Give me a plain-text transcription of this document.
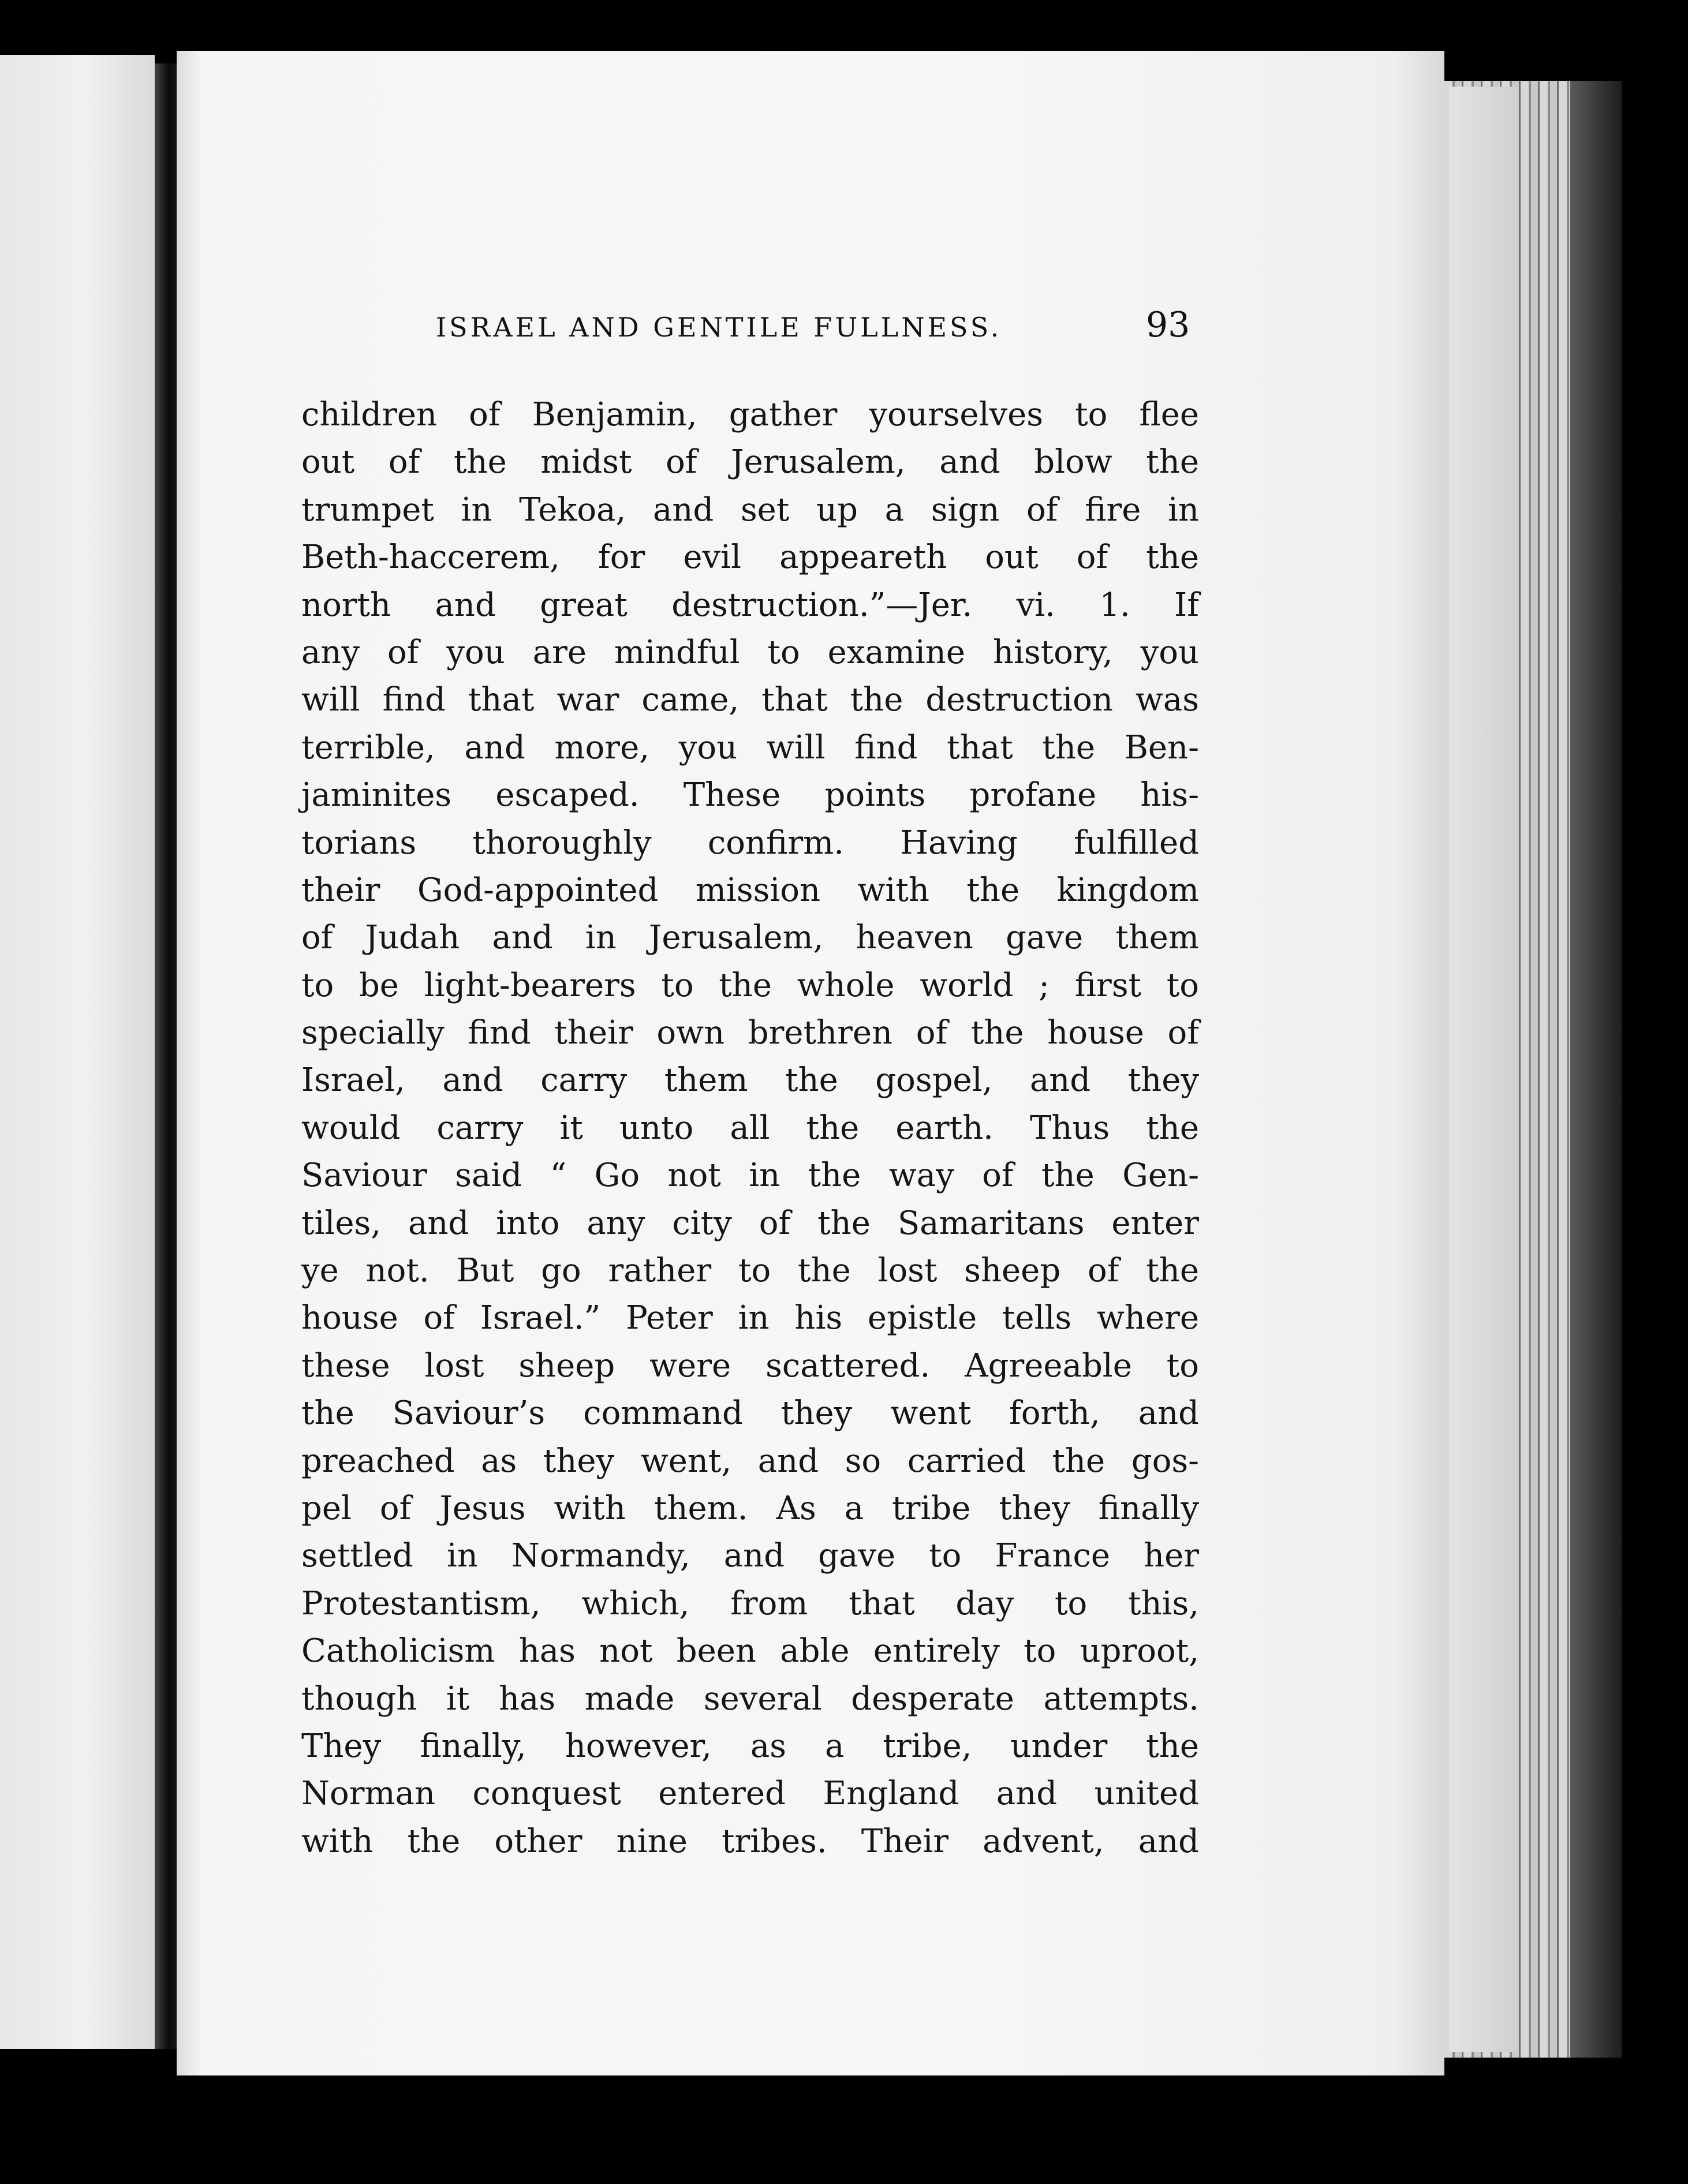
ISRAEL AND GENTILE FULLNESS.	93
children of Benjamin, gather yourselves to flee
out of the midst of Jerusalem, and blow the
trumpet in Tekoa, and set up a sign of fire in
Beth-haccerem, for evil appeareth out of the
north and great destruction.”—Jer. vi. 1. If
any of you are mindful to examine history, you
will find that war came, that the destruction was
terrible, and more, you will find that the Ben-
jaminites escaped. These points profane his-
torians thoroughly confirm. Having fulfilled
their God-appointed mission with the kingdom
of Judah and in Jerusalem, heaven gave them
to be light-bearers to the whole world ; first to
specially find their own brethren of the house of
Israel, and carry them the gospel, and they
would carry it unto all the earth. Thus the
Saviour said “ Go not in the way of the Gen-
tiles, and into any city of the Samaritans enter
ye not. But go rather to the lost sheep of the
house of Israel.” Peter in his epistle tells where
these lost sheep were scattered. Agreeable to
the Saviour’s command they went forth, and
preached as they went, and so carried the gos-
pel of Jesus with them. As a tribe they finally
settled in Normandy, and gave to France her
Protestantism, which, from that day to this,
Catholicism has not been able entirely to uproot,
though it has made several desperate attempts.
They finally, however, as a tribe, under the
Norman conquest entered England and united
with the other nine tribes. Their advent, and
